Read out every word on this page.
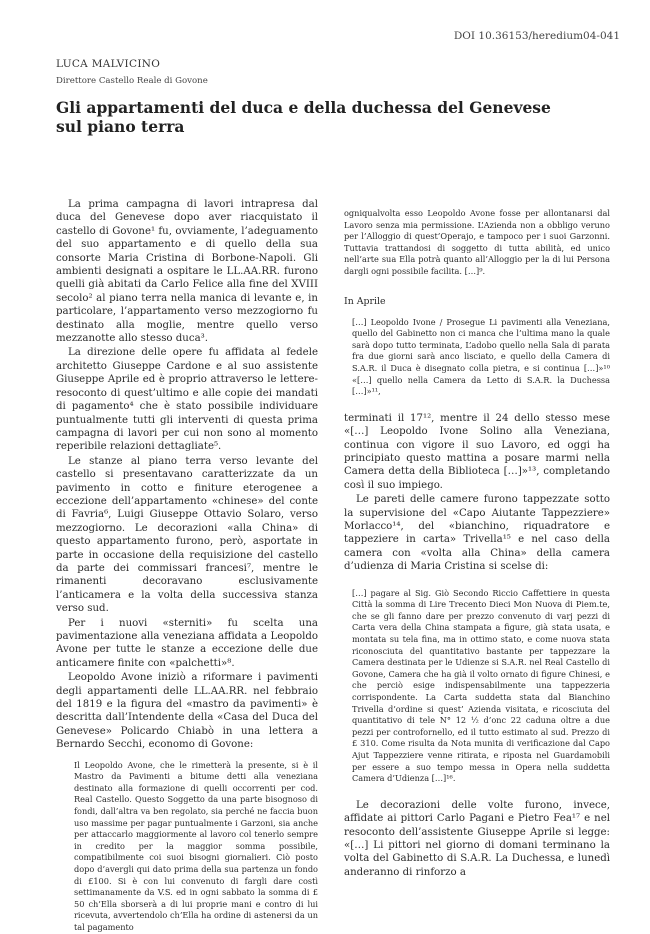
DOI 10.36153/heredium04-041
LUCA MALVICINO
Direttore Castello Reale di Govone
Gli appartamenti del duca e della duchessa del Genevese sul piano terra

La prima campagna di lavori intrapresa dal duca del Genevese dopo aver riacquistato il castello di Govone¹ fu, ovviamente, l’adeguamento del suo appartamento e di quello della sua consorte Maria Cristina di Borbone-Napoli. Gli ambienti designati a ospitare le LL.AA.RR. furono quelli già abitati da Carlo Felice alla fine del XVIII secolo² al piano terra nella manica di levante e, in particolare, l’appartamento verso mezzogiorno fu destinato alla moglie, mentre quello verso mezzanotte allo stesso duca³.

La direzione delle opere fu affidata al fedele architetto Giuseppe Cardone e al suo assistente Giuseppe Aprile ed è proprio attraverso le lettere-resoconto di quest’ultimo e alle copie dei mandati di pagamento⁴ che è stato possibile individuare puntualmente tutti gli interventi di questa prima campagna di lavori per cui non sono al momento reperibile relazioni dettagliate⁵.

Le stanze al piano terra verso levante del castello si presentavano caratterizzate da un pavimento in cotto e finiture eterogenee a eccezione dell’appartamento «chinese» del conte di Favria⁶, Luigi Giuseppe Ottavio Solaro, verso mezzogiorno. Le decorazioni «alla China» di questo appartamento furono, però, asportate in parte in occasione della requisizione del castello da parte dei commissari francesi⁷, mentre le rimanenti decoravano esclusivamente l’anticamera e la volta della successiva stanza verso sud.

Per i nuovi «sterniti» fu scelta una pavimentazione alla veneziana affidata a Leopoldo Avone per tutte le stanze a eccezione delle due anticamere finite con «palchetti»⁸.

Leopoldo Avone iniziò a riformare i pavimenti degli appartamenti delle LL.AA.RR. nel febbraio del 1819 e la figura del «mastro da pavimenti» è descritta dall’Intendente della «Casa del Duca del Genevese» Policardo Chiabò in una lettera a Bernardo Secchi, economo di Govone:

Il Leopoldo Avone, che le rimetterà la presente, si è il Mastro da Pavimenti a bitume detti alla veneziana destinato alla formazione di quelli occorrenti per cod. Real Castello. Questo Soggetto da una parte bisognoso di fondi, dall’altra va ben regolato, sia perché ne faccia buon uso massime per pagar puntualmente i Garzoni, sia anche per attaccarlo maggiormente al lavoro col tenerlo sempre in credito per la maggior somma possibile, compatibilmente coi suoi bisogni giornalieri. Ciò posto dopo d’avergli qui dato prima della sua partenza un fondo di £100. Si è con lui convenuto di fargli dare costì settimanamente da V.S. ed in ogni sabbato la somma di £ 50 ch’Ella sborserà a di lui proprie mani e contro di lui ricevuta, avvertendolo ch’Ella ha ordine di astenersi da un tal pagamento

ogniqualvolta esso Leopoldo Avone fosse per allontanarsi dal Lavoro senza mia permissione. L’Azienda non a obbligo veruno per l’Alloggio di quest’Operajo, e tampoco per i suoi Garzonni. Tuttavia trattandosi di soggetto di tutta abilità, ed unico nell’arte sua Ella potrà quanto all’Alloggio per la di lui Persona dargli ogni possibile facilita. […]⁹.

In Aprile

[…] Leopoldo Ivone / Prosegue Li pavimenti alla Veneziana, quello del Gabinetto non ci manca che l’ultima mano la quale sarà dopo tutto terminata, L’adobo quello nella Sala di parata fra due giorni sarà anco lisciato, e quello della Camera di S.A.R. il Duca è disegnato colla pietra, e si continua […]»¹⁰ «[…] quello nella Camera da Letto di S.A.R. la Duchessa […]»¹¹,

terminati il 17¹², mentre il 24 dello stesso mese «[…] Leopoldo Ivone Solino alla Veneziana, continua con vigore il suo Lavoro, ed oggi ha principiato questo mattina a posare marmi nella Camera detta della Biblioteca […]»¹³, completando così il suo impiego.

Le pareti delle camere furono tappezzate sotto la supervisione del «Capo Aiutante Tappezziere» Morlacco¹⁴, del «bianchino, riquadratore e tappeziere in carta» Trivella¹⁵ e nel caso della camera con «volta alla China» della camera d’udienza di Maria Cristina si scelse di:

[…] pagare al Sig. Giò Secondo Riccio Caffettiere in questa Città la somma di Lire Trecento Dieci Mon Nuova di Piem.te, che se gli fanno dare per prezzo convenuto di varj pezzi di Carta vera della China stampata a figure, già stata usata, e montata su tela fina, ma in ottimo stato, e come nuova stata riconosciuta del quantitativo bastante per tappezzare la Camera destinata per le Udienze si S.A.R. nel Real Castello di Govone, Camera che ha già il volto ornato di figure Chinesi, e che perciò esige indispensabilmente una tappezzeria corrispondente. La Carta suddetta stata dal Bianchino Trivella d’ordine si quest’ Azienda visitata, e ricosciuta del quantitativo di tele N° 12 ½ d’onc 22 caduna oltre a due pezzi per controfornello, ed il tutto estimato al sud. Prezzo di £ 310. Come risulta da Nota munita di verificazione dal Capo Ajut Tappezziere venne ritirata, e riposta nel Guardamobili per essere a suo tempo messa in Opera nella suddetta Camera d’Udienza […]¹⁶.

Le decorazioni delle volte furono, invece, affidate ai pittori Carlo Pagani e Pietro Fea¹⁷ e nel resoconto dell’assistente Giuseppe Aprile si legge: «[…] Li pittori nel giorno di domani terminano la volta del Gabinetto di S.A.R. La Duchessa, e lunedì anderanno di rinforzo a
